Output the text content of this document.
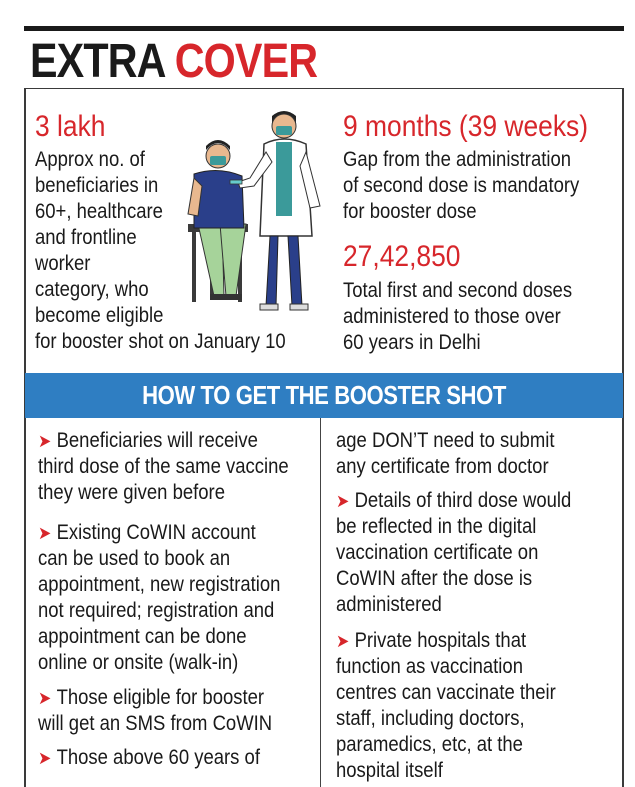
EXTRA COVER
3 lakh
Approx no. of
beneficiaries in
60+, healthcare
and frontline
worker
category, who
become eligible
for booster shot on January 10
9 months (39 weeks)
Gap from the administration
of second dose is mandatory
for booster dose
27,42,850
Total first and second doses
administered to those over
60 years in Delhi
HOW TO GET THE BOOSTER SHOT
➤ Beneficiaries will receive
third dose of the same vaccine
they were given before
➤ Existing CoWIN account
can be used to book an
appointment, new registration
not required; registration and
appointment can be done
online or onsite (walk-in)
➤ Those eligible for booster
will get an SMS from CoWIN
➤ Those above 60 years of
age DON’T need to submit
any certificate from doctor
➤ Details of third dose would
be reflected in the digital
vaccination certificate on
CoWIN after the dose is
administered
➤ Private hospitals that
function as vaccination
centres can vaccinate their
staff, including doctors,
paramedics, etc, at the
hospital itself
